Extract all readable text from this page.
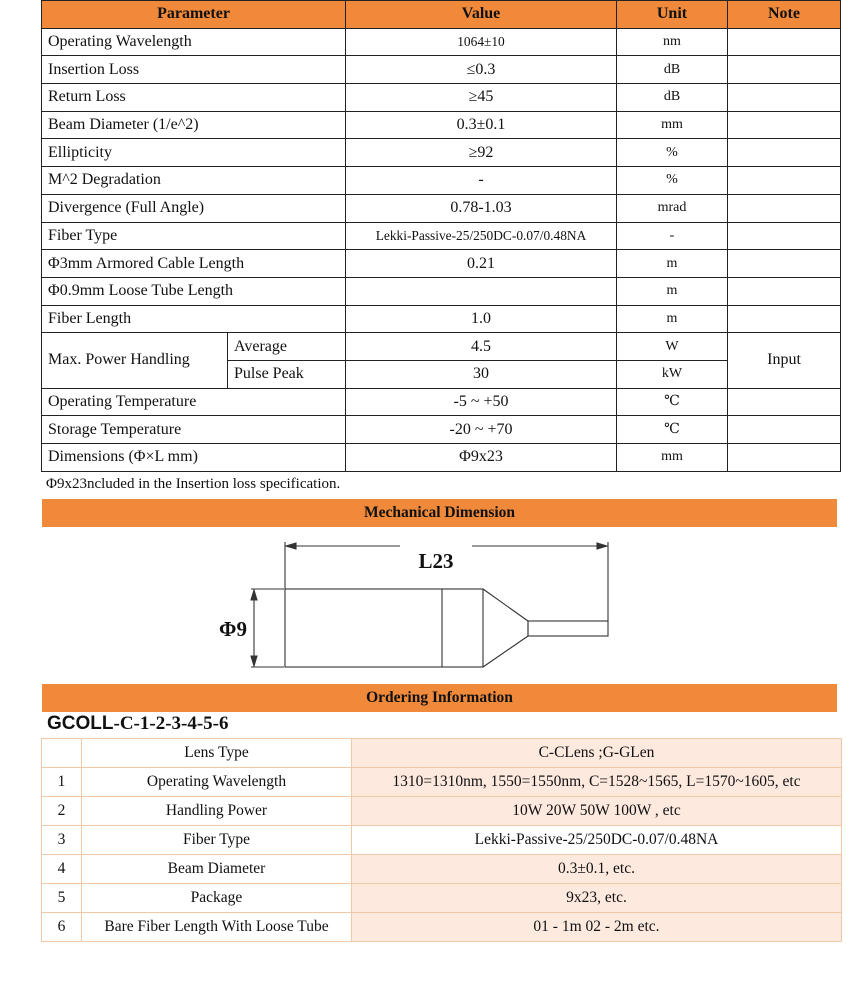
Parameter		Value	Unit	Note
Operating Wavelength		1064±10	nm	
Insertion Loss		≤0.3	dB	
Return Loss		≥45	dB	
Beam Diameter (1/e^2)		0.3±0.1	mm	
Ellipticity		≥92	%	
M^2 Degradation		-	%	
Divergence (Full Angle)		0.78-1.03	mrad	
Fiber Type		Lekki-Passive-25/250DC-0.07/0.48NA	-	
Φ3mm Armored Cable Length		0.21	m	
Φ0.9mm Loose Tube Length			m	
Fiber Length		1.0	m	
Max. Power Handling	Average	4.5	W	Input
	Pulse Peak	30	kW	
Operating Temperature		-5 ~ +50	℃	
Storage Temperature		-20 ~ +70	℃	
Dimensions (Φ×L mm)		Φ9x23	mm	
Φ9x23ncluded in the Insertion loss specification.
Mechanical Dimension
L23
Φ9
Ordering Information
GCOLL-C-1-2-3-4-5-6
	Lens Type	C-CLens ;G-GLen
1	Operating Wavelength	1310=1310nm, 1550=1550nm, C=1528~1565, L=1570~1605, etc
2	Handling Power	10W 20W 50W 100W , etc
3	Fiber Type	Lekki-Passive-25/250DC-0.07/0.48NA
4	Beam Diameter	0.3±0.1, etc.
5	Package	9x23, etc.
6	Bare Fiber Length With Loose Tube	01 - 1m 02 - 2m etc.
